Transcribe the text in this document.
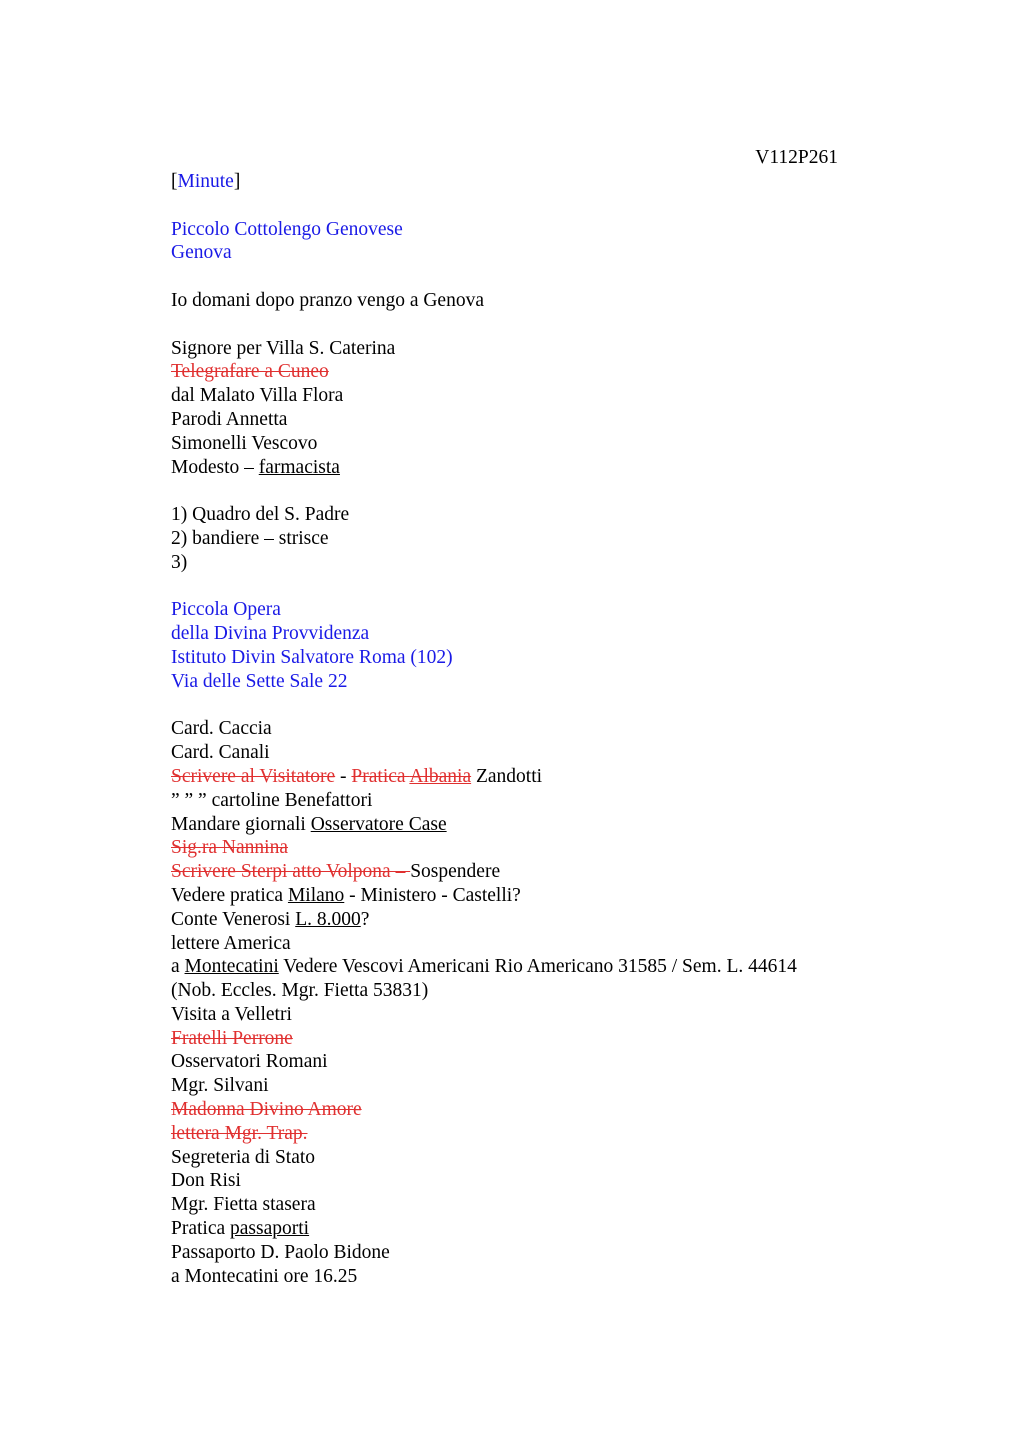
V112P261
[Minute]
Piccolo Cottolengo Genovese
Genova
Io domani dopo pranzo vengo a Genova
Signore per Villa S. Caterina
Telegrafare a Cuneo
dal Malato Villa Flora
Parodi Annetta
Simonelli Vescovo
Modesto – farmacista
1) Quadro del S. Padre
2) bandiere – strisce
3)
Piccola Opera
della Divina Provvidenza
Istituto Divin Salvatore Roma (102)
Via delle Sette Sale 22
Card. Caccia
Card. Canali
Scrivere al Visitatore - Pratica Albania Zandotti
” ” ” cartoline Benefattori
Mandare giornali Osservatore Case
Sig.ra Nannina
Scrivere Sterpi atto Volpona – Sospendere
Vedere pratica Milano - Ministero - Castelli?
Conte Venerosi L. 8.000?
lettere America
a Montecatini Vedere Vescovi Americani Rio Americano 31585 / Sem. L. 44614
(Nob. Eccles. Mgr. Fietta 53831)
Visita a Velletri
Fratelli Perrone
Osservatori Romani
Mgr. Silvani
Madonna Divino Amore
lettera Mgr. Trap.
Segreteria di Stato
Don Risi
Mgr. Fietta stasera
Pratica passaporti
Passaporto D. Paolo Bidone
a Montecatini ore 16.25
